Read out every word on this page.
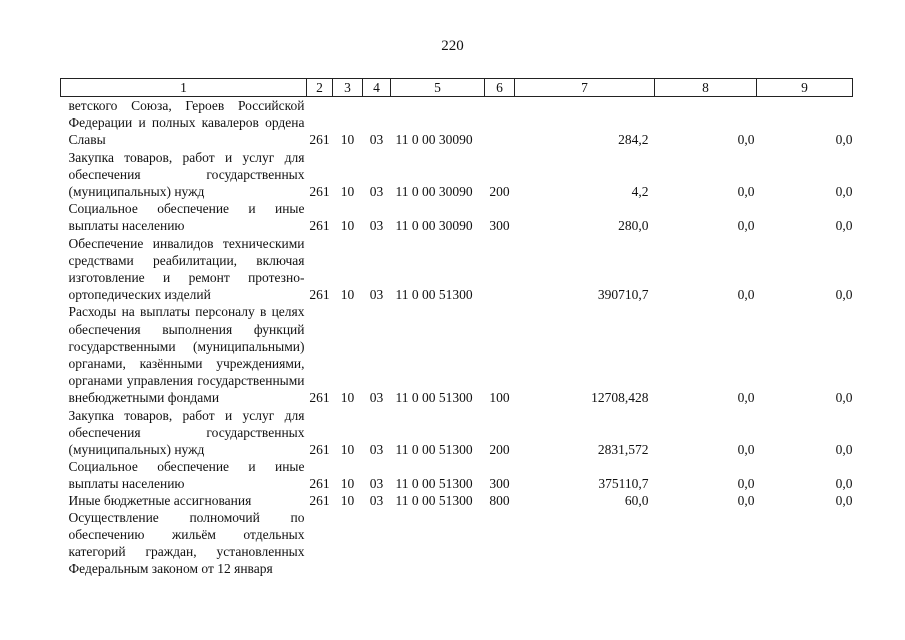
220
1	2	3	4	5	6	7	8	9
ветского Союза, Героев Российской Федерации и полных кавалеров ордена Славы	261	10	03	11 0 00 30090		284,2	0,0	0,0
Закупка товаров, работ и услуг для обеспечения государственных (муниципальных) нужд	261	10	03	11 0 00 30090	200	4,2	0,0	0,0
Социальное обеспечение и иные выплаты населению	261	10	03	11 0 00 30090	300	280,0	0,0	0,0
Обеспечение инвалидов техническими средствами реабилитации, включая изготовление и ремонт протезно-ортопедических изделий	261	10	03	11 0 00 51300		390710,7	0,0	0,0
Расходы на выплаты персоналу в целях обеспечения выполнения функций государственными (муниципальными) органами, казёнными учреждениями, органами управления государственными внебюджетными фондами	261	10	03	11 0 00 51300	100	12708,428	0,0	0,0
Закупка товаров, работ и услуг для обеспечения государственных (муниципальных) нужд	261	10	03	11 0 00 51300	200	2831,572	0,0	0,0
Социальное обеспечение и иные выплаты населению	261	10	03	11 0 00 51300	300	375110,7	0,0	0,0
Иные бюджетные ассигнования	261	10	03	11 0 00 51300	800	60,0	0,0	0,0
Осуществление полномочий по обеспечению жильём отдельных категорий граждан, установленных Федеральным законом от 12 января								
